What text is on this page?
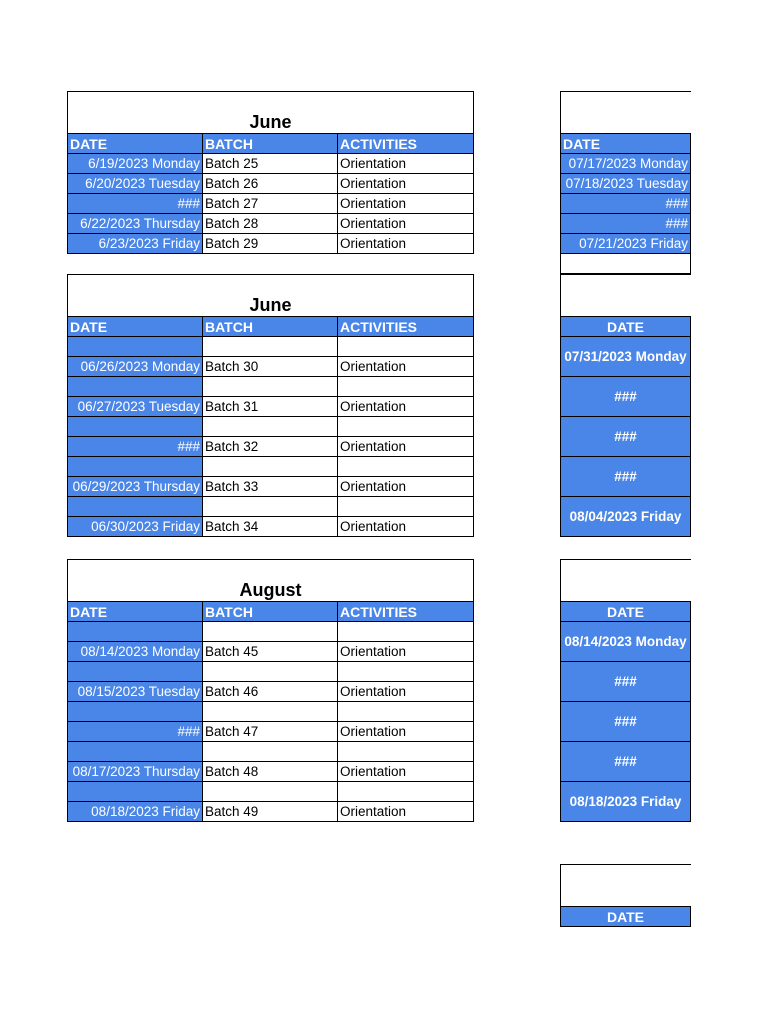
June		
DATE	BATCH	ACTIVITIES
6/19/2023 Monday	Batch 25	Orientation
6/20/2023 Tuesday	Batch 26	Orientation
###	Batch 27	Orientation
6/22/2023 Thursday	Batch 28	Orientation
6/23/2023 Friday	Batch 29	Orientation
June		
DATE	BATCH	ACTIVITIES

06/26/2023 Monday	Batch 30	Orientation

06/27/2023 Tuesday	Batch 31	Orientation

###	Batch 32	Orientation

06/29/2023 Thursday	Batch 33	Orientation

06/30/2023 Friday	Batch 34	Orientation
August		
DATE	BATCH	ACTIVITIES

08/14/2023 Monday	Batch 45	Orientation

08/15/2023 Tuesday	Batch 46	Orientation

###	Batch 47	Orientation

08/17/2023 Thursday	Batch 48	Orientation

08/18/2023 Friday	Batch 49	Orientation

DATE
07/17/2023 Monday
07/18/2023 Tuesday
###
###
07/21/2023 Friday

DATE
07/31/2023 Monday
###
###
###
08/04/2023 Friday

DATE
08/14/2023 Monday
###
###
###
08/18/2023 Friday

DATE
